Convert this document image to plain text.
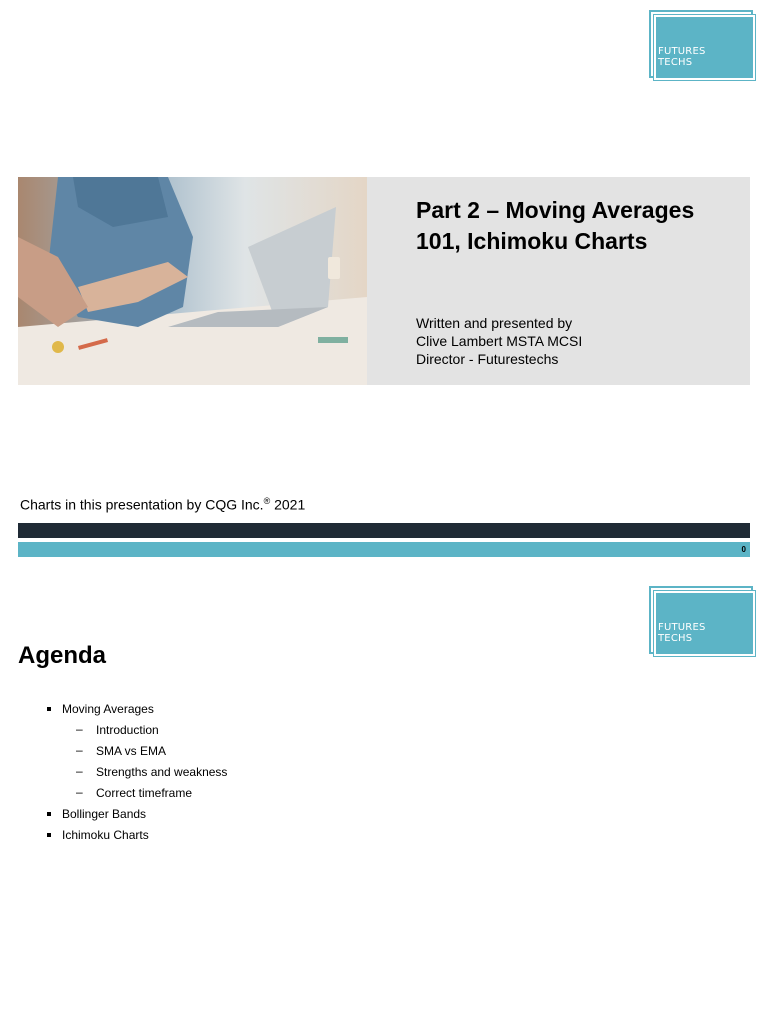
FUTURES
TECHS
Part 2 – Moving Averages
101, Ichimoku Charts
Written and presented by
Clive Lambert MSTA MCSI
Director - Futurestechs
Charts in this presentation by CQG Inc.® 2021
0
FUTURES
TECHS
Agenda
Moving Averages
– Introduction
– SMA vs EMA
– Strengths and weakness
– Correct timeframe
Bollinger Bands
Ichimoku Charts
